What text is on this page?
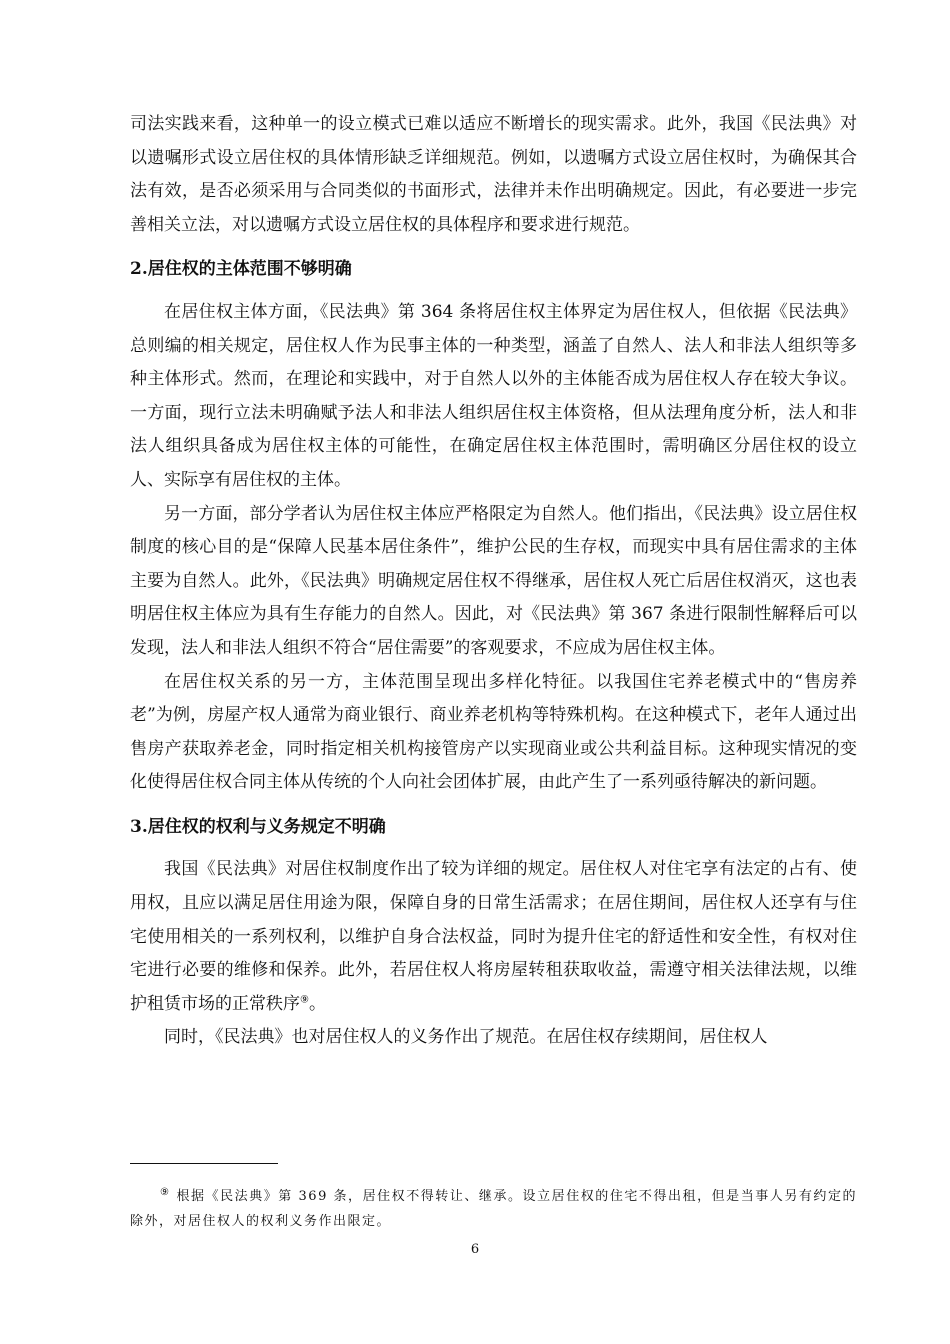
司法实践来看，这种单一的设立模式已难以适应不断增长的现实需求。此外，我国《民法典》对以遗嘱形式设立居住权的具体情形缺乏详细规范。例如，以遗嘱方式设立居住权时，为确保其合法有效，是否必须采用与合同类似的书面形式，法律并未作出明确规定。因此，有必要进一步完善相关立法，对以遗嘱方式设立居住权的具体程序和要求进行规范。

2.居住权的主体范围不够明确

在居住权主体方面，《民法典》第 364 条将居住权主体界定为居住权人，但依据《民法典》总则编的相关规定，居住权人作为民事主体的一种类型，涵盖了自然人、法人和非法人组织等多种主体形式。然而，在理论和实践中，对于自然人以外的主体能否成为居住权人存在较大争议。一方面，现行立法未明确赋予法人和非法人组织居住权主体资格，但从法理角度分析，法人和非法人组织具备成为居住权主体的可能性，在确定居住权主体范围时，需明确区分居住权的设立人、实际享有居住权的主体。

另一方面，部分学者认为居住权主体应严格限定为自然人。他们指出，《民法典》设立居住权制度的核心目的是“保障人民基本居住条件”，维护公民的生存权，而现实中具有居住需求的主体主要为自然人。此外，《民法典》明确规定居住权不得继承，居住权人死亡后居住权消灭，这也表明居住权主体应为具有生存能力的自然人。因此，对《民法典》第 367 条进行限制性解释后可以发现，法人和非法人组织不符合“居住需要”的客观要求，不应成为居住权主体。

在居住权关系的另一方，主体范围呈现出多样化特征。以我国住宅养老模式中的“售房养老”为例，房屋产权人通常为商业银行、商业养老机构等特殊机构。在这种模式下，老年人通过出售房产获取养老金，同时指定相关机构接管房产以实现商业或公共利益目标。这种现实情况的变化使得居住权合同主体从传统的个人向社会团体扩展，由此产生了一系列亟待解决的新问题。

3.居住权的权利与义务规定不明确

我国《民法典》对居住权制度作出了较为详细的规定。居住权人对住宅享有法定的占有、使用权，且应以满足居住用途为限，保障自身的日常生活需求；在居住期间，居住权人还享有与住宅使用相关的一系列权利，以维护自身合法权益，同时为提升住宅的舒适性和安全性，有权对住宅进行必要的维修和保养。此外，若居住权人将房屋转租获取收益，需遵守相关法律法规，以维护租赁市场的正常秩序⑨。

同时，《民法典》也对居住权人的义务作出了规范。在居住权存续期间，居住权人

⑨ 根据《民法典》第 369 条，居住权不得转让、继承。设立居住权的住宅不得出租，但是当事人另有约定的除外，对居住权人的权利义务作出限定。
6
